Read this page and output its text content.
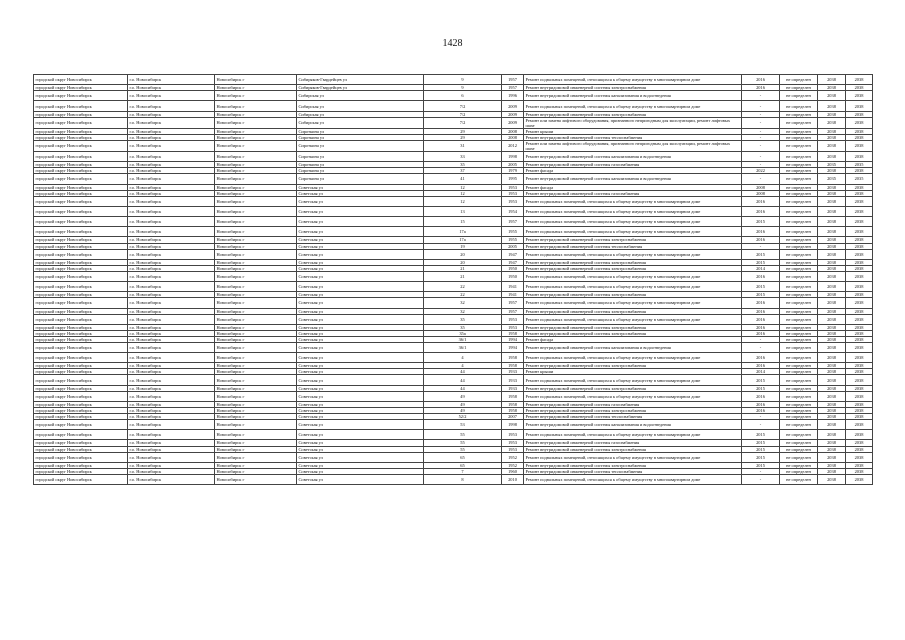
1428
городской округ Новосибирск	г.о. Новосибирск	Новосибирск г	Сибиряков-Гвардейцев ул	9	1957	Ремонт подвальных помещений, относящихся к общему имуществу в многоквартирном доме	2016	не определен	2038	2038
городской округ Новосибирск	г.о. Новосибирск	Новосибирск г	Сибиряков-Гвардейцев ул	9	1957	Ремонт внутридомовой инженерной системы электроснабжения	2016	не определен	2038	2038
городской округ Новосибирск	г.о. Новосибирск	Новосибирск г	Сибирская ул	6	1996	Ремонт внутридомовой инженерной системы канализования и водоотведения	-	не определен	2038	2038
городской округ Новосибирск	г.о. Новосибирск	Новосибирск г	Сибирская ул	7/2	2009	Ремонт подвальных помещений, относящихся к общему имуществу в многоквартирном доме	-	не определен	2038	2038
городской округ Новосибирск	г.о. Новосибирск	Новосибирск г	Сибирская ул	7/2	2009	Ремонт внутридомовой инженерной системы электроснабжения	-	не определен	2038	2038
городской округ Новосибирск	г.о. Новосибирск	Новосибирск г	Сибирская ул	7/2	2009	Ремонт или замена лифтового оборудования, признанного непригодным для эксплуатации, ремонт лифтовых шахт	-	не определен	2038	2038
городской округ Новосибирск	г.о. Новосибирск	Новосибирск г	Сироткина ул	29	2008	Ремонт крыши	-	не определен	2038	2038
городской округ Новосибирск	г.о. Новосибирск	Новосибирск г	Сироткина ул	29	2008	Ремонт внутридомовой инженерной системы теплоснабжения	-	не определен	2038	2038
городской округ Новосибирск	г.о. Новосибирск	Новосибирск г	Сироткина ул	31	2012	Ремонт или замена лифтового оборудования, признанного непригодным для эксплуатации, ремонт лифтовых шахт	-	не определен	2038	2038
городской округ Новосибирск	г.о. Новосибирск	Новосибирск г	Сироткина ул	33	1998	Ремонт внутридомовой инженерной системы канализования и водоотведения	-	не определен	2038	2038
городской округ Новосибирск	г.о. Новосибирск	Новосибирск г	Сироткина ул	35	2005	Ремонт внутридомовой инженерной системы газоснабжения	-	не определен	2035	2035
городской округ Новосибирск	г.о. Новосибирск	Новосибирск г	Сироткина ул	37	1979	Ремонт фасада	2022	не определен	2038	2038
городской округ Новосибирск	г.о. Новосибирск	Новосибирск г	Сироткина ул	41	1995	Ремонт внутридомовой инженерной системы канализования и водоотведения	-	не определен	2035	2035
городской округ Новосибирск	г.о. Новосибирск	Новосибирск г	Советская ул	12	1953	Ремонт фасада	2008	не определен	2038	2038
городской округ Новосибирск	г.о. Новосибирск	Новосибирск г	Советская ул	12	1953	Ремонт внутридомовой инженерной системы газоснабжения	2008	не определен	2038	2038
городской округ Новосибирск	г.о. Новосибирск	Новосибирск г	Советская ул	12	1953	Ремонт подвальных помещений, относящихся к общему имуществу в многоквартирном доме	2016	не определен	2038	2038
городской округ Новосибирск	г.о. Новосибирск	Новосибирск г	Советская ул	13	1954	Ремонт подвальных помещений, относящихся к общему имуществу в многоквартирном доме	2016	не определен	2038	2038
городской округ Новосибирск	г.о. Новосибирск	Новосибирск г	Советская ул	15	1957	Ремонт подвальных помещений, относящихся к общему имуществу в многоквартирном доме	2015	не определен	2038	2038
городской округ Новосибирск	г.о. Новосибирск	Новосибирск г	Советская ул	17а	1955	Ремонт подвальных помещений, относящихся к общему имуществу в многоквартирном доме	2016	не определен	2038	2038
городской округ Новосибирск	г.о. Новосибирск	Новосибирск г	Советская ул	17а	1955	Ремонт внутридомовой инженерной системы электроснабжения	2016	не определен	2038	2038
городской округ Новосибирск	г.о. Новосибирск	Новосибирск г	Советская ул	19	2005	Ремонт внутридомовой инженерной системы теплоснабжения	-	не определен	2038	2038
городской округ Новосибирск	г.о. Новосибирск	Новосибирск г	Советская ул	20	1947	Ремонт подвальных помещений, относящихся к общему имуществу в многоквартирном доме	2015	не определен	2038	2038
городской округ Новосибирск	г.о. Новосибирск	Новосибирск г	Советская ул	20	1947	Ремонт внутридомовой инженерной системы электроснабжения	2015	не определен	2038	2038
городской округ Новосибирск	г.о. Новосибирск	Новосибирск г	Советская ул	21	1950	Ремонт внутридомовой инженерной системы электроснабжения	2014	не определен	2038	2038
городской округ Новосибирск	г.о. Новосибирск	Новосибирск г	Советская ул	21	1950	Ремонт подвальных помещений, относящихся к общему имуществу в многоквартирном доме	2016	не определен	2038	2038
городской округ Новосибирск	г.о. Новосибирск	Новосибирск г	Советская ул	22	1941	Ремонт подвальных помещений, относящихся к общему имуществу в многоквартирном доме	2015	не определен	2038	2038
городской округ Новосибирск	г.о. Новосибирск	Новосибирск г	Советская ул	22	1941	Ремонт внутридомовой инженерной системы электроснабжения	2015	не определен	2038	2038
городской округ Новосибирск	г.о. Новосибирск	Новосибирск г	Советская ул	32	1957	Ремонт подвальных помещений, относящихся к общему имуществу в многоквартирном доме	2016	не определен	2038	2038
городской округ Новосибирск	г.о. Новосибирск	Новосибирск г	Советская ул	32	1957	Ремонт внутридомовой инженерной системы электроснабжения	2016	не определен	2038	2038
городской округ Новосибирск	г.о. Новосибирск	Новосибирск г	Советская ул	35	1953	Ремонт подвальных помещений, относящихся к общему имуществу в многоквартирном доме	2016	не определен	2038	2038
городской округ Новосибирск	г.о. Новосибирск	Новосибирск г	Советская ул	35	1953	Ремонт внутридомовой инженерной системы электроснабжения	2016	не определен	2038	2038
городской округ Новосибирск	г.о. Новосибирск	Новосибирск г	Советская ул	35а	1958	Ремонт внутридомовой инженерной системы электроснабжения	2016	не определен	2038	2038
городской округ Новосибирск	г.о. Новосибирск	Новосибирск г	Советская ул	36/1	1994	Ремонт фасада	-	не определен	2038	2038
городской округ Новосибирск	г.о. Новосибирск	Новосибирск г	Советская ул	36/1	1994	Ремонт внутридомовой инженерной системы канализования и водоотведения	-	не определен	2038	2038
городской округ Новосибирск	г.о. Новосибирск	Новосибирск г	Советская ул	4	1958	Ремонт подвальных помещений, относящихся к общему имуществу в многоквартирном доме	2016	не определен	2038	2038
городской округ Новосибирск	г.о. Новосибирск	Новосибирск г	Советская ул	4	1958	Ремонт внутридомовой инженерной системы электроснабжения	2016	не определен	2038	2038
городской округ Новосибирск	г.о. Новосибирск	Новосибирск г	Советская ул	44	1933	Ремонт крыши	2014	не определен	2038	2038
городской округ Новосибирск	г.о. Новосибирск	Новосибирск г	Советская ул	44	1933	Ремонт подвальных помещений, относящихся к общему имуществу в многоквартирном доме	2015	не определен	2038	2038
городской округ Новосибирск	г.о. Новосибирск	Новосибирск г	Советская ул	44	1933	Ремонт внутридомовой инженерной системы электроснабжения	2015	не определен	2038	2038
городской округ Новосибирск	г.о. Новосибирск	Новосибирск г	Советская ул	49	1958	Ремонт подвальных помещений, относящихся к общему имуществу в многоквартирном доме	2016	не определен	2038	2038
городской округ Новосибирск	г.о. Новосибирск	Новосибирск г	Советская ул	49	1958	Ремонт внутридомовой инженерной системы газоснабжения	2016	не определен	2038	2038
городской округ Новосибирск	г.о. Новосибирск	Новосибирск г	Советская ул	49	1958	Ремонт внутридомовой инженерной системы электроснабжения	2016	не определен	2038	2038
городской округ Новосибирск	г.о. Новосибирск	Новосибирск г	Советская ул	52/2	2007	Ремонт внутридомовой инженерной системы теплоснабжения	-	не определен	2038	2038
городской округ Новосибирск	г.о. Новосибирск	Новосибирск г	Советская ул	53	1998	Ремонт внутридомовой инженерной системы канализования и водоотведения	-	не определен	2038	2038
городской округ Новосибирск	г.о. Новосибирск	Новосибирск г	Советская ул	55	1953	Ремонт подвальных помещений, относящихся к общему имуществу в многоквартирном доме	2015	не определен	2038	2038
городской округ Новосибирск	г.о. Новосибирск	Новосибирск г	Советская ул	55	1953	Ремонт внутридомовой инженерной системы газоснабжения	2015	не определен	2038	2038
городской округ Новосибирск	г.о. Новосибирск	Новосибирск г	Советская ул	55	1953	Ремонт внутридомовой инженерной системы электроснабжения	2015	не определен	2038	2038
городской округ Новосибирск	г.о. Новосибирск	Новосибирск г	Советская ул	65	1952	Ремонт подвальных помещений, относящихся к общему имуществу в многоквартирном доме	2015	не определен	2038	2038
городской округ Новосибирск	г.о. Новосибирск	Новосибирск г	Советская ул	65	1952	Ремонт внутридомовой инженерной системы электроснабжения	2015	не определен	2038	2038
городской округ Новосибирск	г.о. Новосибирск	Новосибирск г	Советская ул	7	1960	Ремонт внутридомовой инженерной системы теплоснабжения	-	не определен	2038	2038
городской округ Новосибирск	г.о. Новосибирск	Новосибирск г	Советская ул	8	2010	Ремонт подвальных помещений, относящихся к общему имуществу в многоквартирном доме	-	не определен	2038	2038
